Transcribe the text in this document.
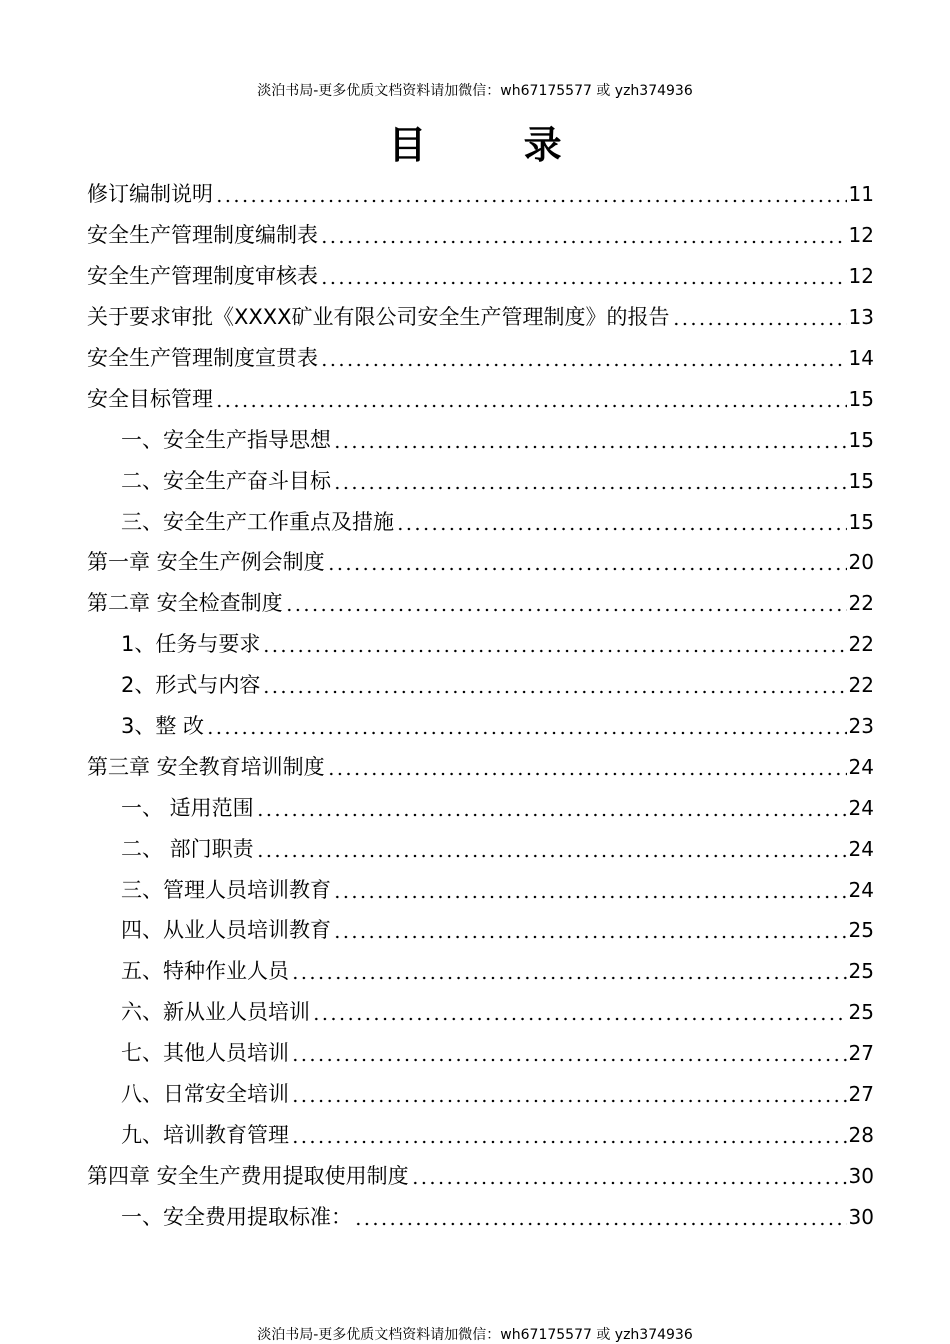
淡泊书局-更多优质文档资料请加微信：wh67175577 或 yzh374936
目 录
修订编制说明	11
安全生产管理制度编制表	12
安全生产管理制度审核表	12
关于要求审批《XXXX矿业有限公司安全生产管理制度》的报告	13
安全生产管理制度宣贯表	14
安全目标管理	15
一、安全生产指导思想	15
二、安全生产奋斗目标	15
三、安全生产工作重点及措施	15
第一章 安全生产例会制度	20
第二章 安全检查制度	22
1、任务与要求	22
2、形式与内容	22
3、整 改	23
第三章 安全教育培训制度	24
一、 适用范围	24
二、 部门职责	24
三、管理人员培训教育	24
四、从业人员培训教育	25
五、特种作业人员	25
六、新从业人员培训	25
七、其他人员培训	27
八、日常安全培训	27
九、培训教育管理	28
第四章 安全生产费用提取使用制度	30
一、安全费用提取标准：	30
淡泊书局-更多优质文档资料请加微信：wh67175577 或 yzh374936
